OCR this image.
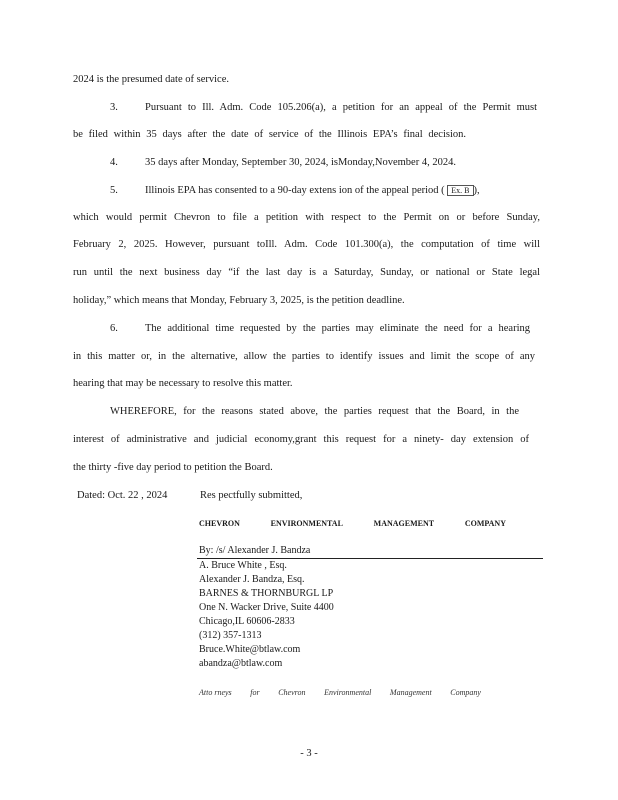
2024 is the presumed date of service.

3.	Pursuant to Ill. Adm. Code 105.206(a), a petition for an appeal of the Permit must
be filed within 35 days after the date of service of the Illinois EPA’s final decision.

4.	35 days after Monday, September 30, 2024, isMonday,November 4, 2024.

5.	Illinois EPA has consented to a 90-day extens ion of the appeal period ( Ex. B ),

which would permit Chevron to file a petition with respect to the Permit on or before Sunday,
February 2, 2025. However, pursuant toIll. Adm. Code 101.300(a), the computation of time will
run until the next business day “if the last day is a Saturday, Sunday, or national or State legal

holiday,” which means that Monday, February 3, 2025, is the petition deadline.

6.	The additional time requested by the parties may eliminate the need for a hearing
in this matter or, in the alternative, allow the parties to identify issues and limit the scope of any

hearing that may be necessary to resolve this matter.

WHEREFORE, for the reasons stated above, the parties request that the Board, in the
interest of administrative and judicial economy,grant this request for a ninety- day extension of

the thirty -five day period to petition the Board.

Dated: Oct. 22 , 2024	Res pectfully submitted,

CHEVRON	ENVIRONMENTAL	MANAGEMENT	COMPANY

By: /s/ Alexander J. Bandza

A. Bruce White , Esq.
Alexander J. Bandza, Esq.
BARNES & THORNBURGL LP
One N. Wacker Drive, Suite 4400
Chicago,IL 60606-2833
(312) 357-1313
Bruce.White@btlaw.com
abandza@btlaw.com
Atto rneys for Chevron Environmental Management Company
- 3 -
